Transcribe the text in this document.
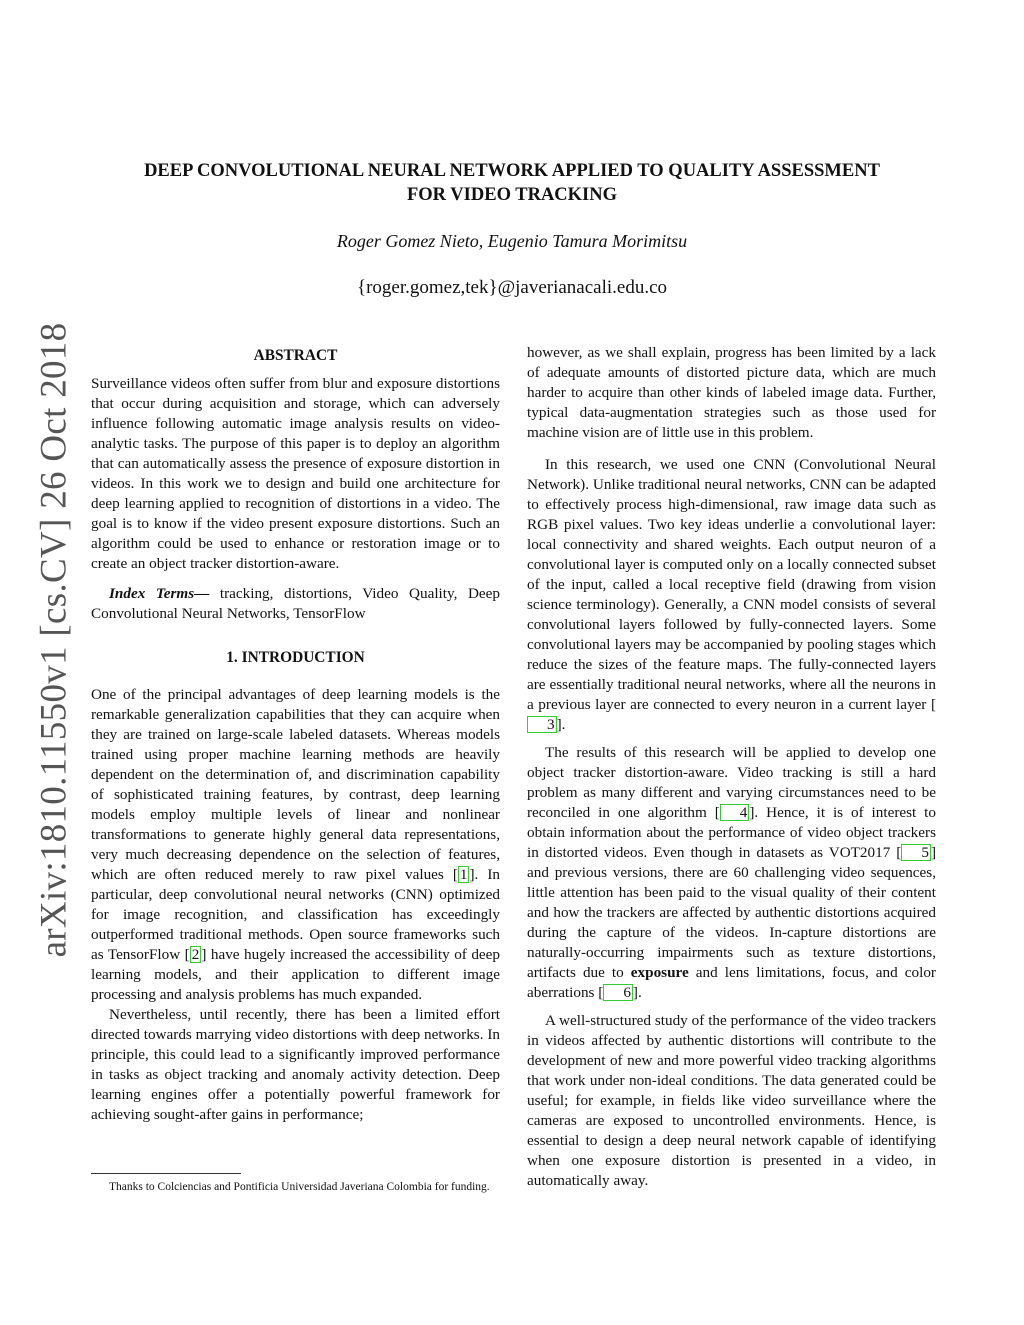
arXiv:1810.11550v1 [cs.CV] 26 Oct 2018
DEEP CONVOLUTIONAL NEURAL NETWORK APPLIED TO QUALITY ASSESSMENT
FOR VIDEO TRACKING
Roger Gomez Nieto, Eugenio Tamura Morimitsu
{roger.gomez,tek}@javerianacali.edu.co
ABSTRACT

Surveillance videos often suffer from blur and exposure distortions that occur during acquisition and storage, which can adversely influence following automatic image analysis results on video-analytic tasks. The purpose of this paper is to deploy an algorithm that can automatically assess the presence of exposure distortion in videos. In this work we to design and build one architecture for deep learning applied to recognition of distortions in a video. The goal is to know if the video present exposure distortions. Such an algorithm could be used to enhance or restoration image or to create an object tracker distortion-aware.

Index Terms— tracking, distortions, Video Quality, Deep Convolutional Neural Networks, TensorFlow

1. INTRODUCTION

One of the principal advantages of deep learning models is the remarkable generalization capabilities that they can acquire when they are trained on large-scale labeled datasets. Whereas models trained using proper machine learning methods are heavily dependent on the determination of, and discrimination capability of sophisticated training features, by contrast, deep learning models employ multiple levels of linear and nonlinear transformations to generate highly general data representations, very much decreasing dependence on the selection of features, which are often reduced merely to raw pixel values [ 1 ]. In particular, deep convolutional neural networks (CNN) optimized for image recognition, and classification has exceedingly outperformed traditional methods. Open source frameworks such as TensorFlow [ 2 ] have hugely increased the accessibility of deep learning models, and their application to different image processing and analysis problems has much expanded.

Nevertheless, until recently, there has been a limited effort directed towards marrying video distortions with deep networks. In principle, this could lead to a significantly improved performance in tasks as object tracking and anomaly activity detection. Deep learning engines offer a potentially powerful framework for achieving sought-after gains in performance;

Thanks to Colciencias and Pontificia Universidad Javeriana Colombia for funding.

however, as we shall explain, progress has been limited by a lack of adequate amounts of distorted picture data, which are much harder to acquire than other kinds of labeled image data. Further, typical data-augmentation strategies such as those used for machine vision are of little use in this problem.

In this research, we used one CNN (Convolutional Neural Network). Unlike traditional neural networks, CNN can be adapted to effectively process high-dimensional, raw image data such as RGB pixel values. Two key ideas underlie a convolutional layer: local connectivity and shared weights. Each output neuron of a convolutional layer is computed only on a locally connected subset of the input, called a local receptive field (drawing from vision science terminology). Generally, a CNN model consists of several convolutional layers followed by fully-connected layers. Some convolutional layers may be accompanied by pooling stages which reduce the sizes of the feature maps. The fully-connected layers are essentially traditional neural networks, where all the neurons in a previous layer are connected to every neuron in a current layer [3 ].

The results of this research will be applied to develop one object tracker distortion-aware. Video tracking is still a hard problem as many different and varying circumstances need to be reconciled in one algorithm [ 4 ]. Hence, it is of interest to obtain information about the performance of video object trackers in distorted videos. Even though in datasets as VOT2017 [ 5 ] and previous versions, there are 60 challenging video sequences, little attention has been paid to the visual quality of their content and how the trackers are affected by authentic distortions acquired during the capture of the videos. In-capture distortions are naturally-occurring impairments such as texture distortions, artifacts due to exposure and lens limitations, focus, and color aberrations [ 6 ].

A well-structured study of the performance of the video trackers in videos affected by authentic distortions will contribute to the development of new and more powerful video tracking algorithms that work under non-ideal conditions. The data generated could be useful; for example, in fields like video surveillance where the cameras are exposed to uncontrolled environments. Hence, is essential to design a deep neural network capable of identifying when one exposure distortion is presented in a video, in automatically away.
